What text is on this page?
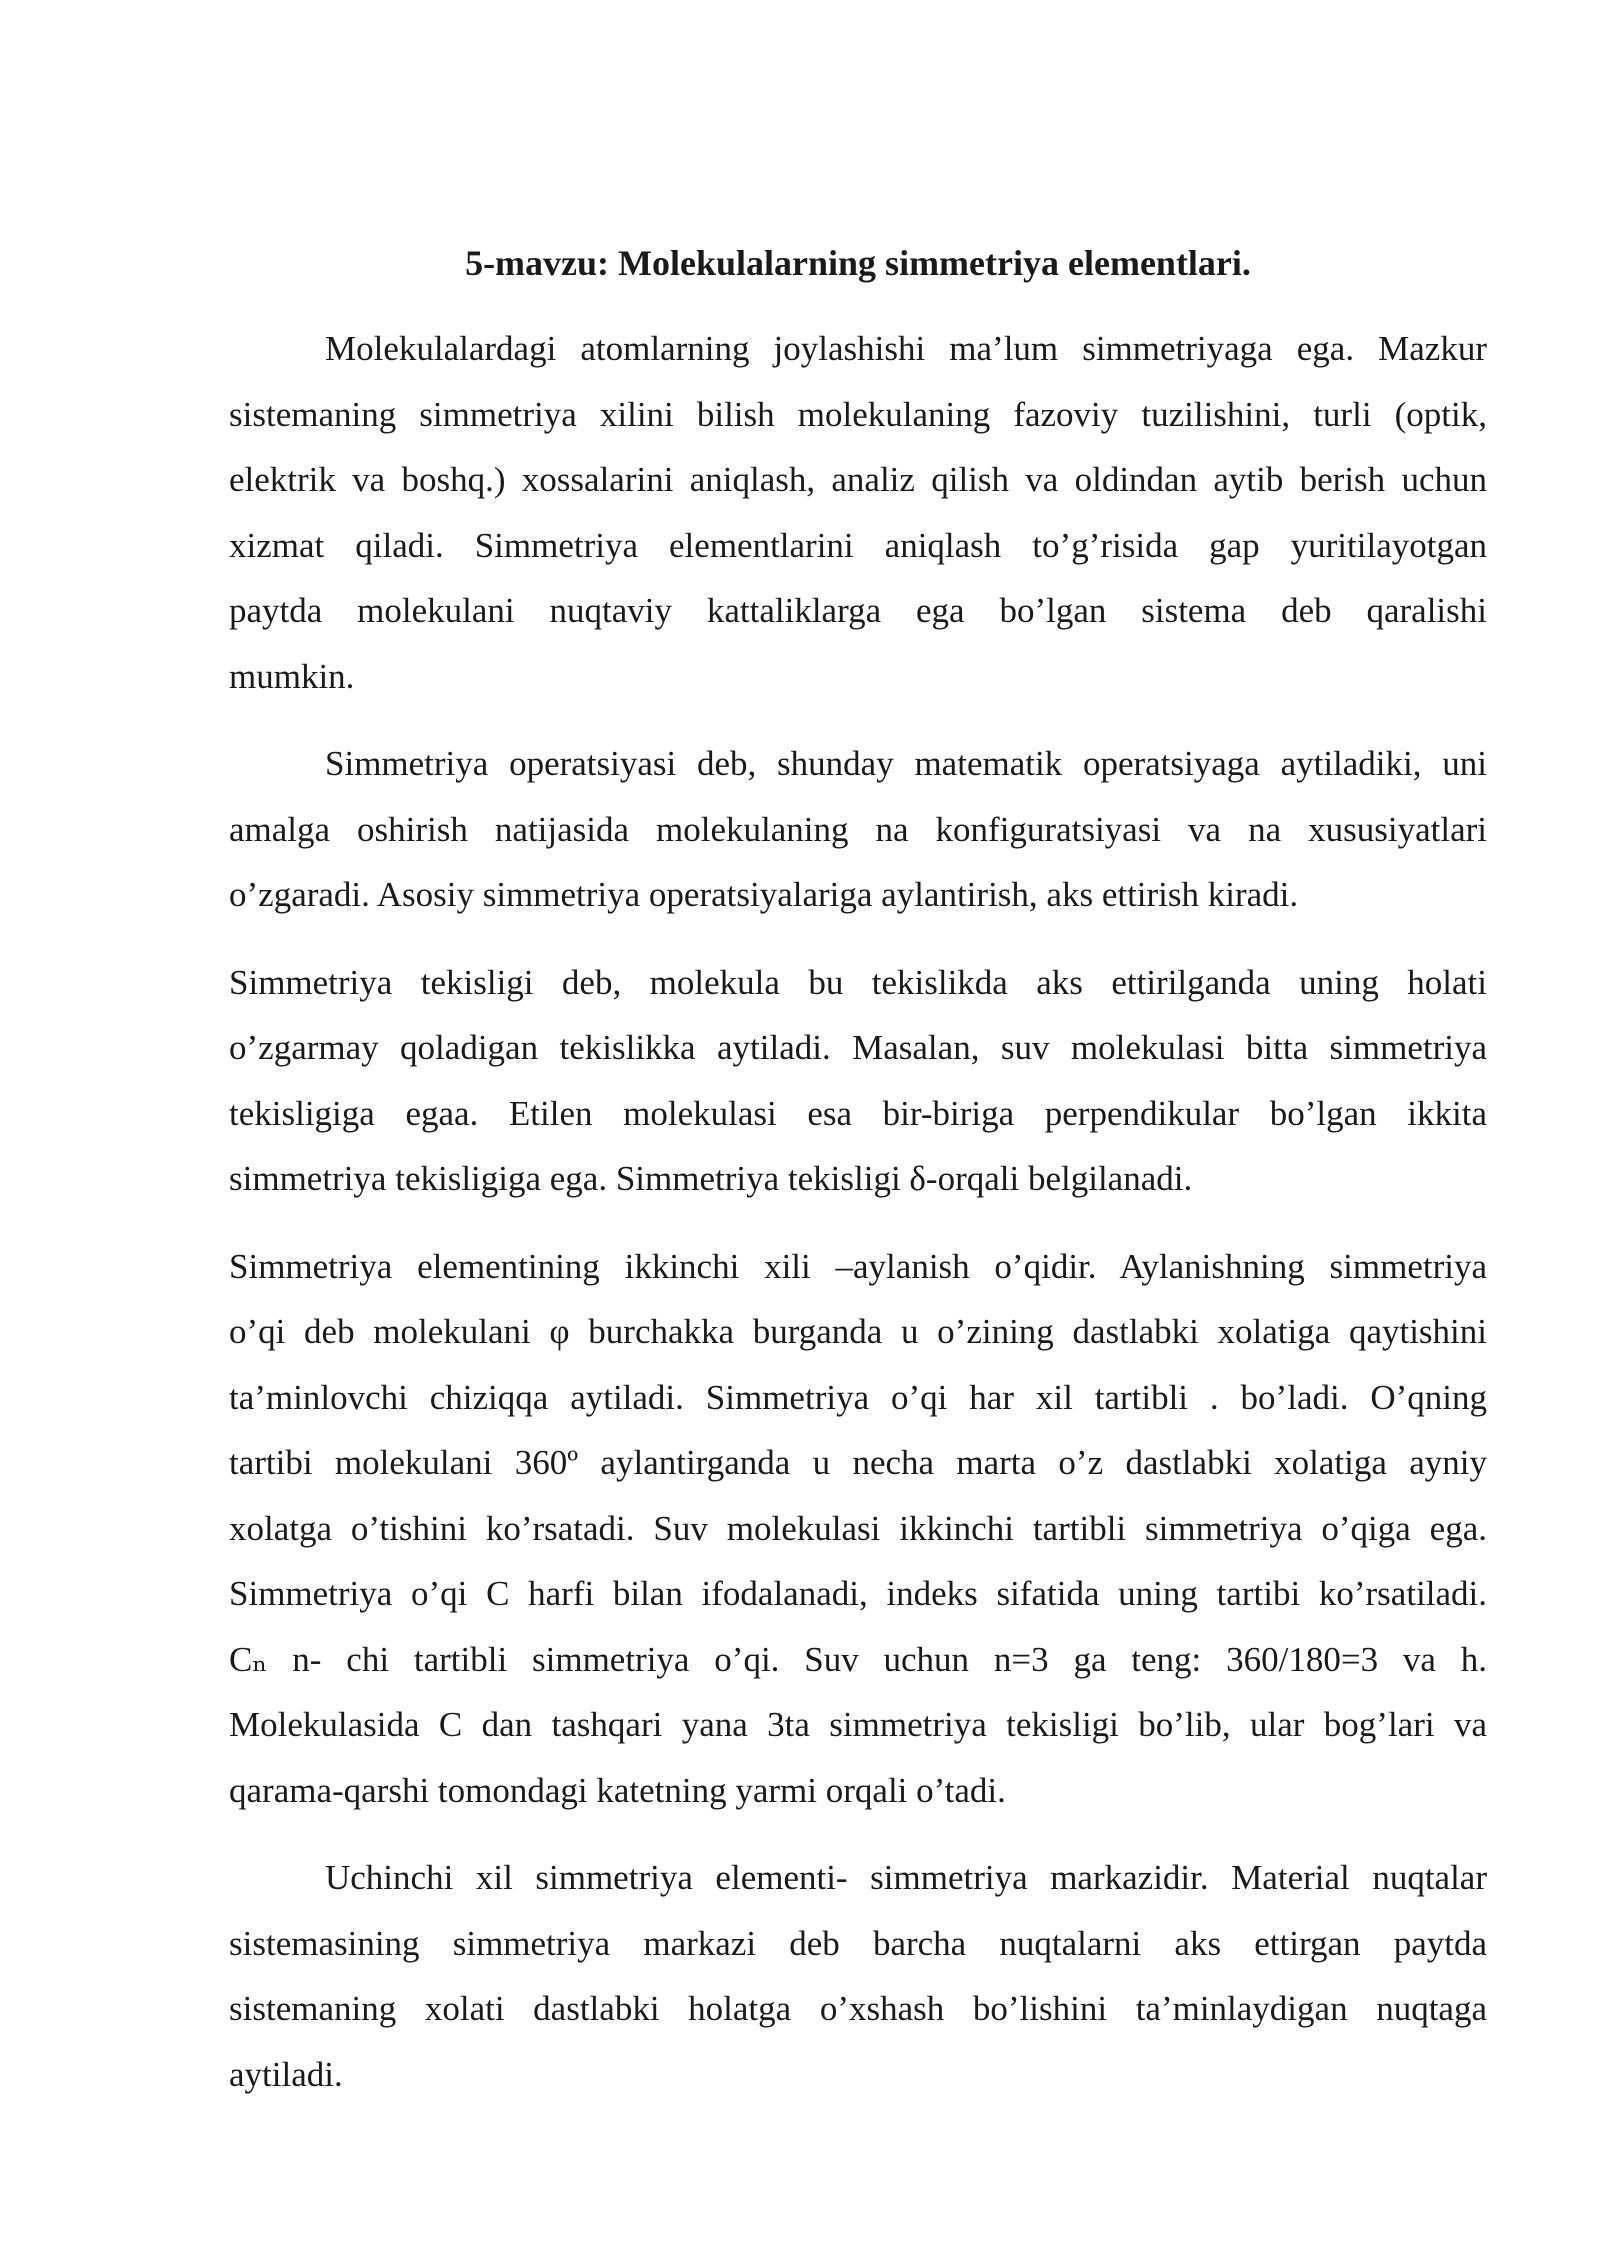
5-mavzu: Molekulalarning simmetriya elementlari.
Molekulalardagi atomlarning joylashishi ma’lum simmetriyaga ega. Mazkur
sistemaning simmetriya xilini bilish molekulaning fazoviy tuzilishini, turli (optik,
elektrik va boshq.) xossalarini aniqlash, analiz qilish va oldindan aytib berish uchun
xizmat qiladi. Simmetriya elementlarini aniqlash to’g’risida gap yuritilayotgan
paytda molekulani nuqtaviy kattaliklarga ega bo’lgan sistema deb qaralishi
mumkin.
Simmetriya operatsiyasi deb, shunday matematik operatsiyaga aytiladiki, uni
amalga oshirish natijasida molekulaning na konfiguratsiyasi va na xususiyatlari
o’zgaradi. Asosiy simmetriya operatsiyalariga aylantirish, aks ettirish kiradi.
Simmetriya tekisligi deb, molekula bu tekislikda aks ettirilganda uning holati
o’zgarmay qoladigan tekislikka aytiladi. Masalan, suv molekulasi bitta simmetriya
tekisligiga egaa. Etilen molekulasi esa bir-biriga perpendikular bo’lgan ikkita
simmetriya tekisligiga ega. Simmetriya tekisligi δ-orqali belgilanadi.
Simmetriya elementining ikkinchi xili –aylanish o’qidir. Aylanishning simmetriya
o’qi deb molekulani φ burchakka burganda u o’zining dastlabki xolatiga qaytishini
ta’minlovchi chiziqqa aytiladi. Simmetriya o’qi har xil tartibli . bo’ladi. O’qning
tartibi molekulani 360º aylantirganda u necha marta o’z dastlabki xolatiga ayniy
xolatga o’tishini ko’rsatadi. Suv molekulasi ikkinchi tartibli simmetriya o’qiga ega.
Simmetriya o’qi C harfi bilan ifodalanadi, indeks sifatida uning tartibi ko’rsatiladi.
Cₙ n- chi tartibli simmetriya o’qi. Suv uchun n=3 ga teng: 360/180=3 va h.
Molekulasida C dan tashqari yana 3ta simmetriya tekisligi bo’lib, ular bog’lari va
qarama-qarshi tomondagi katetning yarmi orqali o’tadi.
Uchinchi xil simmetriya elementi- simmetriya markazidir. Material nuqtalar
sistemasining simmetriya markazi deb barcha nuqtalarni aks ettirgan paytda
sistemaning xolati dastlabki holatga o’xshash bo’lishini ta’minlaydigan nuqtaga
aytiladi.
